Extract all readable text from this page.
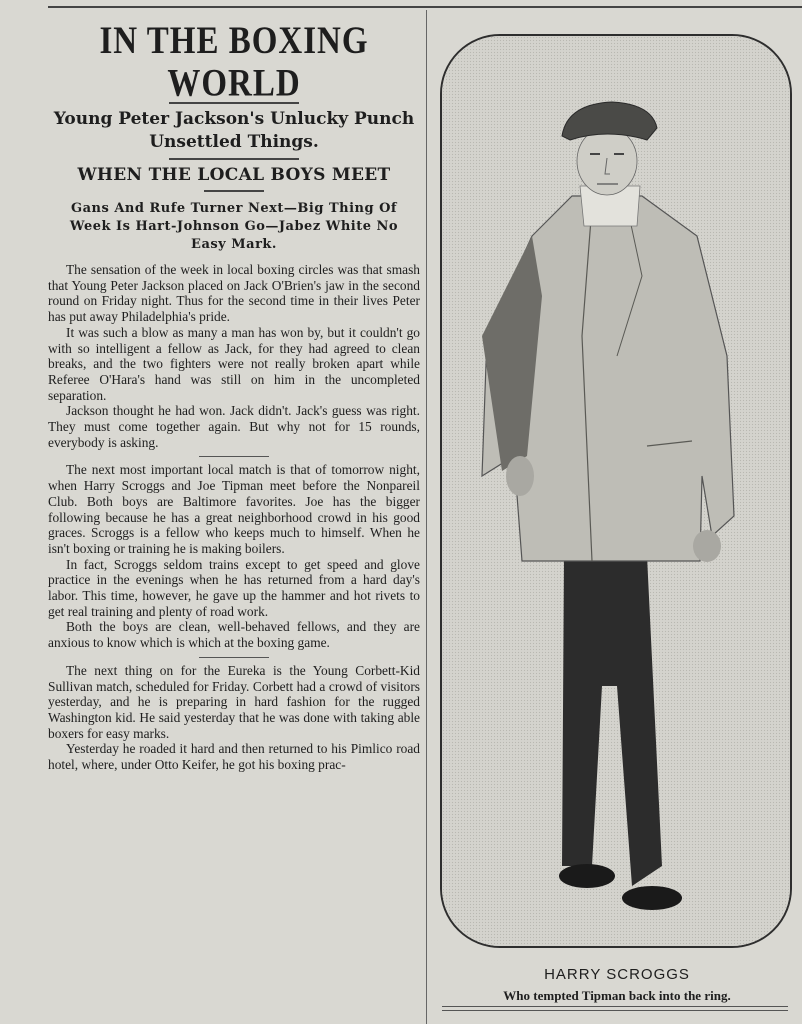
IN THE BOXING WORLD
Young Peter Jackson's Unlucky Punch Unsettled Things.
WHEN THE LOCAL BOYS MEET
Gans And Rufe Turner Next—Big Thing Of Week Is Hart-Johnson Go—Jabez White No Easy Mark.

The sensation of the week in local boxing circles was that smash that Young Peter Jackson placed on Jack O'Brien's jaw in the second round on Friday night. Thus for the second time in their lives Peter has put away Philadelphia's pride.

It was such a blow as many a man has won by, but it couldn't go with so intelligent a fellow as Jack, for they had agreed to clean breaks, and the two fighters were not really broken apart while Referee O'Hara's hand was still on him in the uncompleted separation.

Jackson thought he had won. Jack didn't. Jack's guess was right. They must come together again. But why not for 15 rounds, everybody is asking.

The next most important local match is that of tomorrow night, when Harry Scroggs and Joe Tipman meet before the Nonpareil Club. Both boys are Baltimore favorites. Joe has the bigger following because he has a great neighborhood crowd in his good graces. Scroggs is a fellow who keeps much to himself. When he isn't boxing or training he is making boilers.

In fact, Scroggs seldom trains except to get speed and glove practice in the evenings when he has returned from a hard day's labor. This time, however, he gave up the hammer and hot rivets to get real training and plenty of road work.

Both the boys are clean, well-behaved fellows, and they are anxious to know which is which at the boxing game.

The next thing on for the Eureka is the Young Corbett-Kid Sullivan match, scheduled for Friday. Corbett had a crowd of visitors yesterday, and he is preparing in hard fashion for the rugged Washington kid. He said yesterday that he was done with taking able boxers for easy marks.

Yesterday he roaded it hard and then returned to his Pimlico road hotel, where, under Otto Keifer, he got his boxing prac-

HARRY SCROGGS
Who tempted Tipman back into the ring.
